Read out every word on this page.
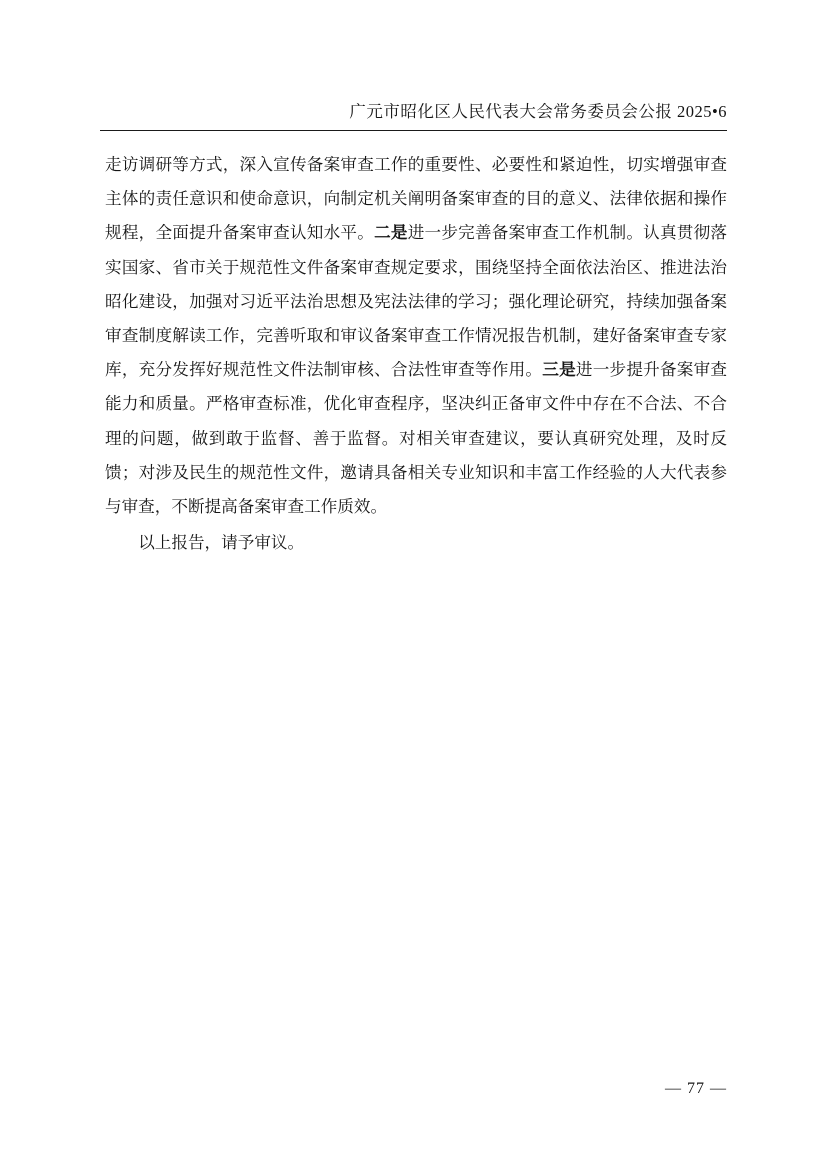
广元市昭化区人民代表大会常务委员会公报 2025•6

走访调研等方式，深入宣传备案审查工作的重要性、必要性和紧迫性，切实增强审查主体的责任意识和使命意识，向制定机关阐明备案审查的目的意义、法律依据和操作规程，全面提升备案审查认知水平。二是进一步完善备案审查工作机制。认真贯彻落实国家、省市关于规范性文件备案审查规定要求，围绕坚持全面依法治区、推进法治昭化建设，加强对习近平法治思想及宪法法律的学习；强化理论研究，持续加强备案审查制度解读工作，完善听取和审议备案审查工作情况报告机制，建好备案审查专家库，充分发挥好规范性文件法制审核、合法性审查等作用。三是进一步提升备案审查能力和质量。严格审查标准，优化审查程序，坚决纠正备审文件中存在不合法、不合理的问题，做到敢于监督、善于监督。对相关审查建议，要认真研究处理，及时反馈；对涉及民生的规范性文件，邀请具备相关专业知识和丰富工作经验的人大代表参与审查，不断提高备案审查工作质效。

以上报告，请予审议。

— 77 —
